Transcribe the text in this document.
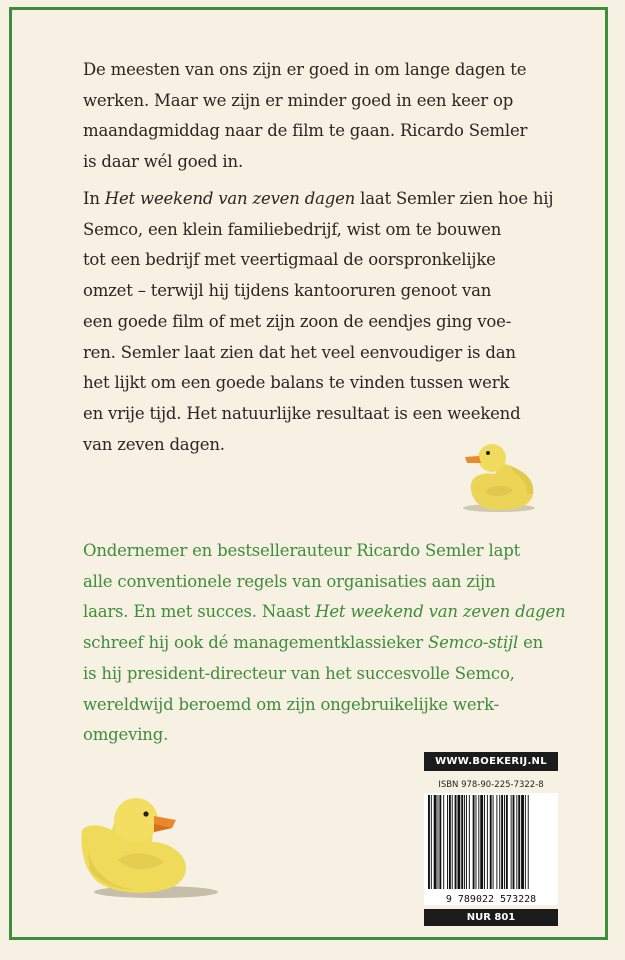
De meesten van ons zijn er goed in om lange dagen te
werken. Maar we zijn er minder goed in een keer op
maandagmiddag naar de film te gaan. Ricardo Semler
is daar wél goed in.

In Het weekend van zeven dagen laat Semler zien hoe hij
Semco, een klein familiebedrijf, wist om te bouwen
tot een bedrijf met veertigmaal de oorspronkelijke
omzet – terwijl hij tijdens kantooruren genoot van
een goede film of met zijn zoon de eendjes ging voe-
ren. Semler laat zien dat het veel eenvoudiger is dan
het lijkt om een goede balans te vinden tussen werk
en vrije tijd. Het natuurlijke resultaat is een weekend
van zeven dagen.

Ondernemer en bestsellerauteur Ricardo Semler lapt
alle conventionele regels van organisaties aan zijn
laars. En met succes. Naast Het weekend van zeven dagen
schreef hij ook dé managementklassieker Semco-stijl en
is hij president-directeur van het succesvolle Semco,
wereldwijd beroemd om zijn ongebruikelijke werk-
omgeving.

WWW.BOEKERIJ.NL
ISBN 978-90-225-7322-8
9 789022 573228
NUR 801
